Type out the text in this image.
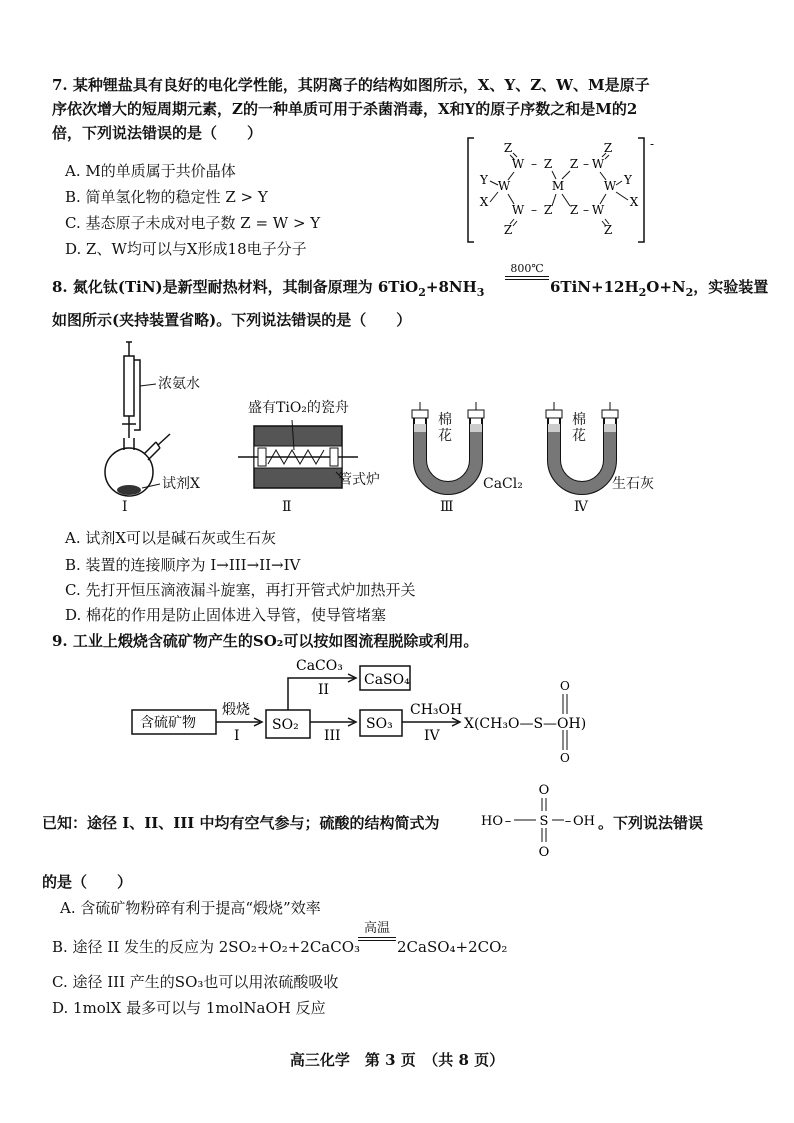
7. 某种锂盐具有良好的电化学性能，其阴离子的结构如图所示，X、Y、Z、W、M是原子
序依次增大的短周期元素，Z的一种单质可用于杀菌消毒，X和Y的原子序数之和是M的2
倍，下列说法错误的是（　　）
A. M的单质属于共价晶体
B. 简单氢化物的稳定性 Z > Y
C. 基态原子未成对电子数 Z = W > Y
D. Z、W均可以与X形成18电子分子
-
Z
W – Z Z – W
Z
Y W	M	W Y
X	X
W – Z Z – W
Z	Z
8. 氮化钛(TiN)是新型耐热材料，其制备原理为 $6TiO_2+8NH_3$
800℃
$6TiN+12H_2O+N_2$，实验装置
如图所示(夹持装置省略)。下列说法错误的是（　　）
浓氨水
试剂X
Ⅰ
盛有TiO₂的瓷舟
管式炉
Ⅱ
棉花
CaCl₂
Ⅲ
棉花
生石灰
Ⅳ
A. 试剂X可以是碱石灰或生石灰
B. 装置的连接顺序为 I→III→II→IV
C. 先打开恒压滴液漏斗旋塞，再打开管式炉加热开关
D. 棉花的作用是防止固体进入导管，使导管堵塞
9. 工业上煅烧含硫矿物产生的SO₂可以按如图流程脱除或利用。
含硫矿物
煅烧
I
SO₂
CaCO₃
II
CaSO₄
III
SO₃
CH₃OH
IV
X(CH₃O—S—OH)
O
O
已知：途径 I、II、III 中均有空气参与；硫酸的结构简式为	HO – S
O
O
– OH 。下列说法错误
的是（　　）
A. 含硫矿物粉碎有利于提高“煅烧”效率
B. 途径 II 发生的反应为 2SO₂+O₂+2CaCO₃
高温
2CaSO₄+2CO₂
C. 途径 III 产生的SO₃也可以用浓硫酸吸收
D. 1molX 最多可以与 1molNaOH 反应
高三化学　第 3 页　（共 8 页）
